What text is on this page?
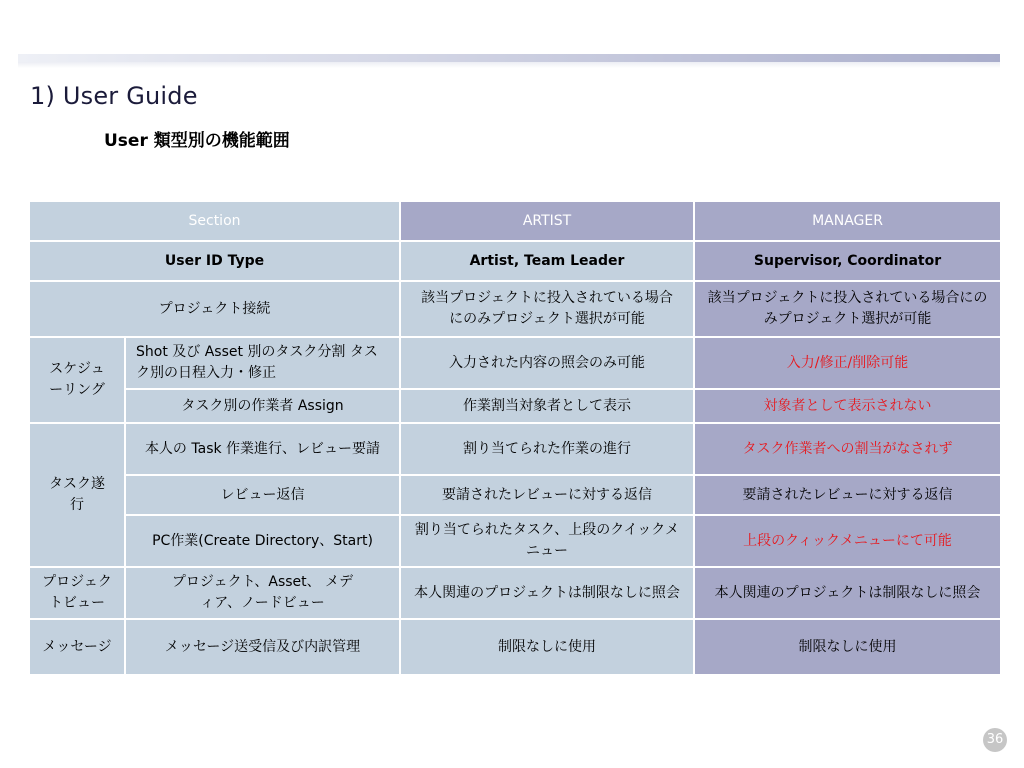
1) User Guide
User 類型別の機能範囲
Section		ARTIST	MANAGER
User ID Type		Artist, Team Leader	Supervisor, Coordinator
プロジェクト接続		該当プロジェクトに投入されている場合にのみプロジェクト選択が可能	該当プロジェクトに投入されている場合にのみプロジェクト選択が可能
スケジューリング	Shot 及び Asset 別のタスク分割 タスク別の日程入力・修正	入力された内容の照会のみ可能	入力/修正/削除可能
	タスク別の作業者 Assign	作業割当対象者として表示	対象者として表示されない
タスク遂行	本人の Task 作業進行、レビュー要請	割り当てられた作業の進行	タスク作業者への割当がなされず
	レビュー返信	要請されたレビューに対する返信	要請されたレビューに対する返信
	PC作業(Create Directory、Start)	割り当てられたタスク、上段のクイックメニュー	上段のクィックメニューにて可能
プロジェクトビュー	プロジェクト、Asset、 メディア、ノードビュー	本人関連のプロジェクトは制限なしに照会	本人関連のプロジェクトは制限なしに照会
メッセージ	メッセージ送受信及び内訳管理	制限なしに使用	制限なしに使用
36
